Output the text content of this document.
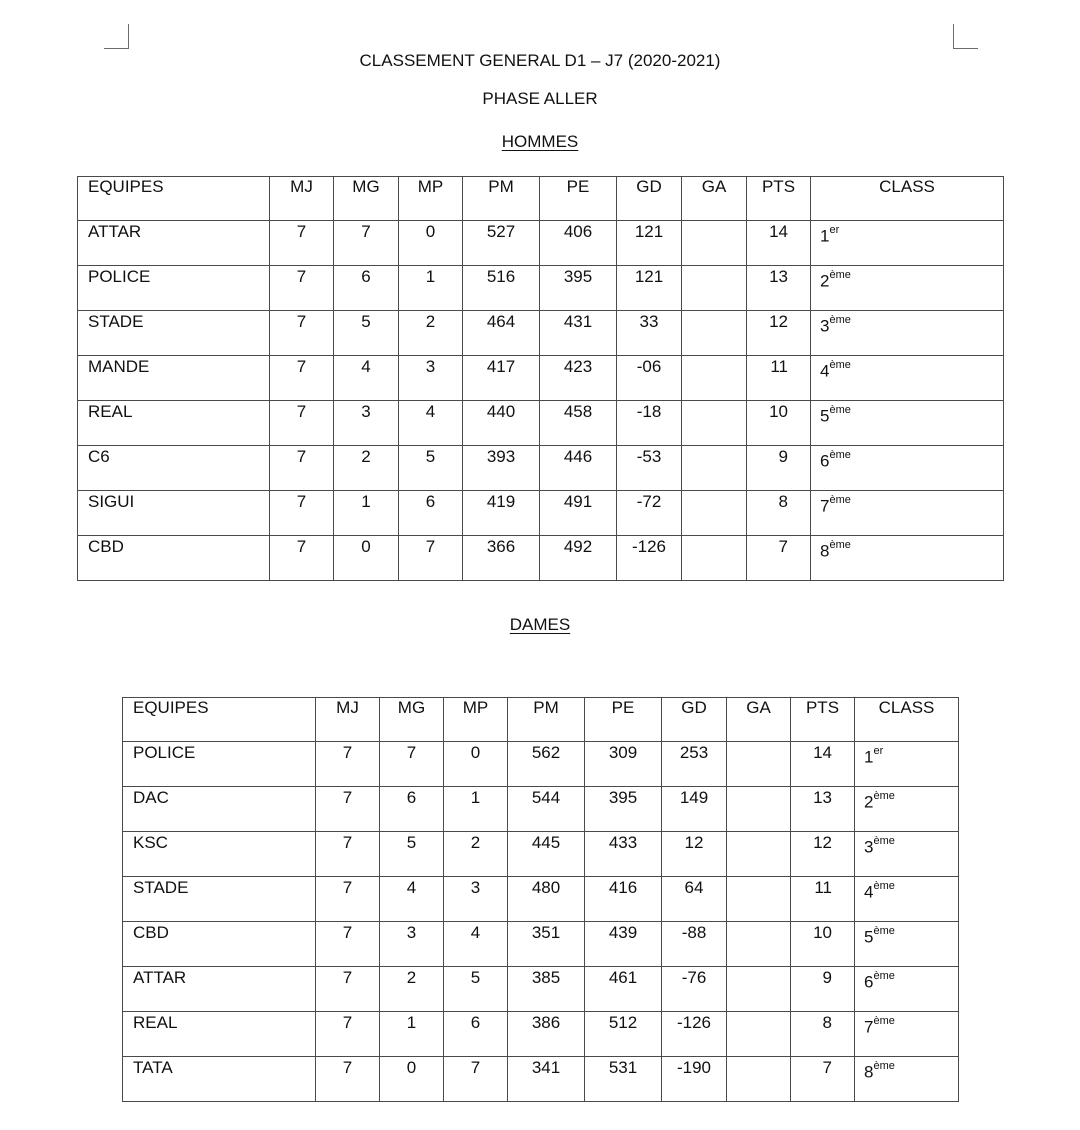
CLASSEMENT GENERAL D1 – J7 (2020-2021)
PHASE ALLER
HOMMES
EQUIPES	MJ	MG	MP	PM	PE	GD	GA	PTS	CLASS
ATTAR	7	7	0	527	406	121		14	1er
POLICE	7	6	1	516	395	121		13	2ème
STADE	7	5	2	464	431	33		12	3ème
MANDE	7	4	3	417	423	-06		11	4ème
REAL	7	3	4	440	458	-18		10	5ème
C6	7	2	5	393	446	-53		9	6ème
SIGUI	7	1	6	419	491	-72		8	7ème
CBD	7	0	7	366	492	-126		7	8ème
DAMES
EQUIPES	MJ	MG	MP	PM	PE	GD	GA	PTS	CLASS
POLICE	7	7	0	562	309	253		14	1er
DAC	7	6	1	544	395	149		13	2ème
KSC	7	5	2	445	433	12		12	3ème
STADE	7	4	3	480	416	64		11	4ème
CBD	7	3	4	351	439	-88		10	5ème
ATTAR	7	2	5	385	461	-76		9	6ème
REAL	7	1	6	386	512	-126		8	7ème
TATA	7	0	7	341	531	-190		7	8ème
